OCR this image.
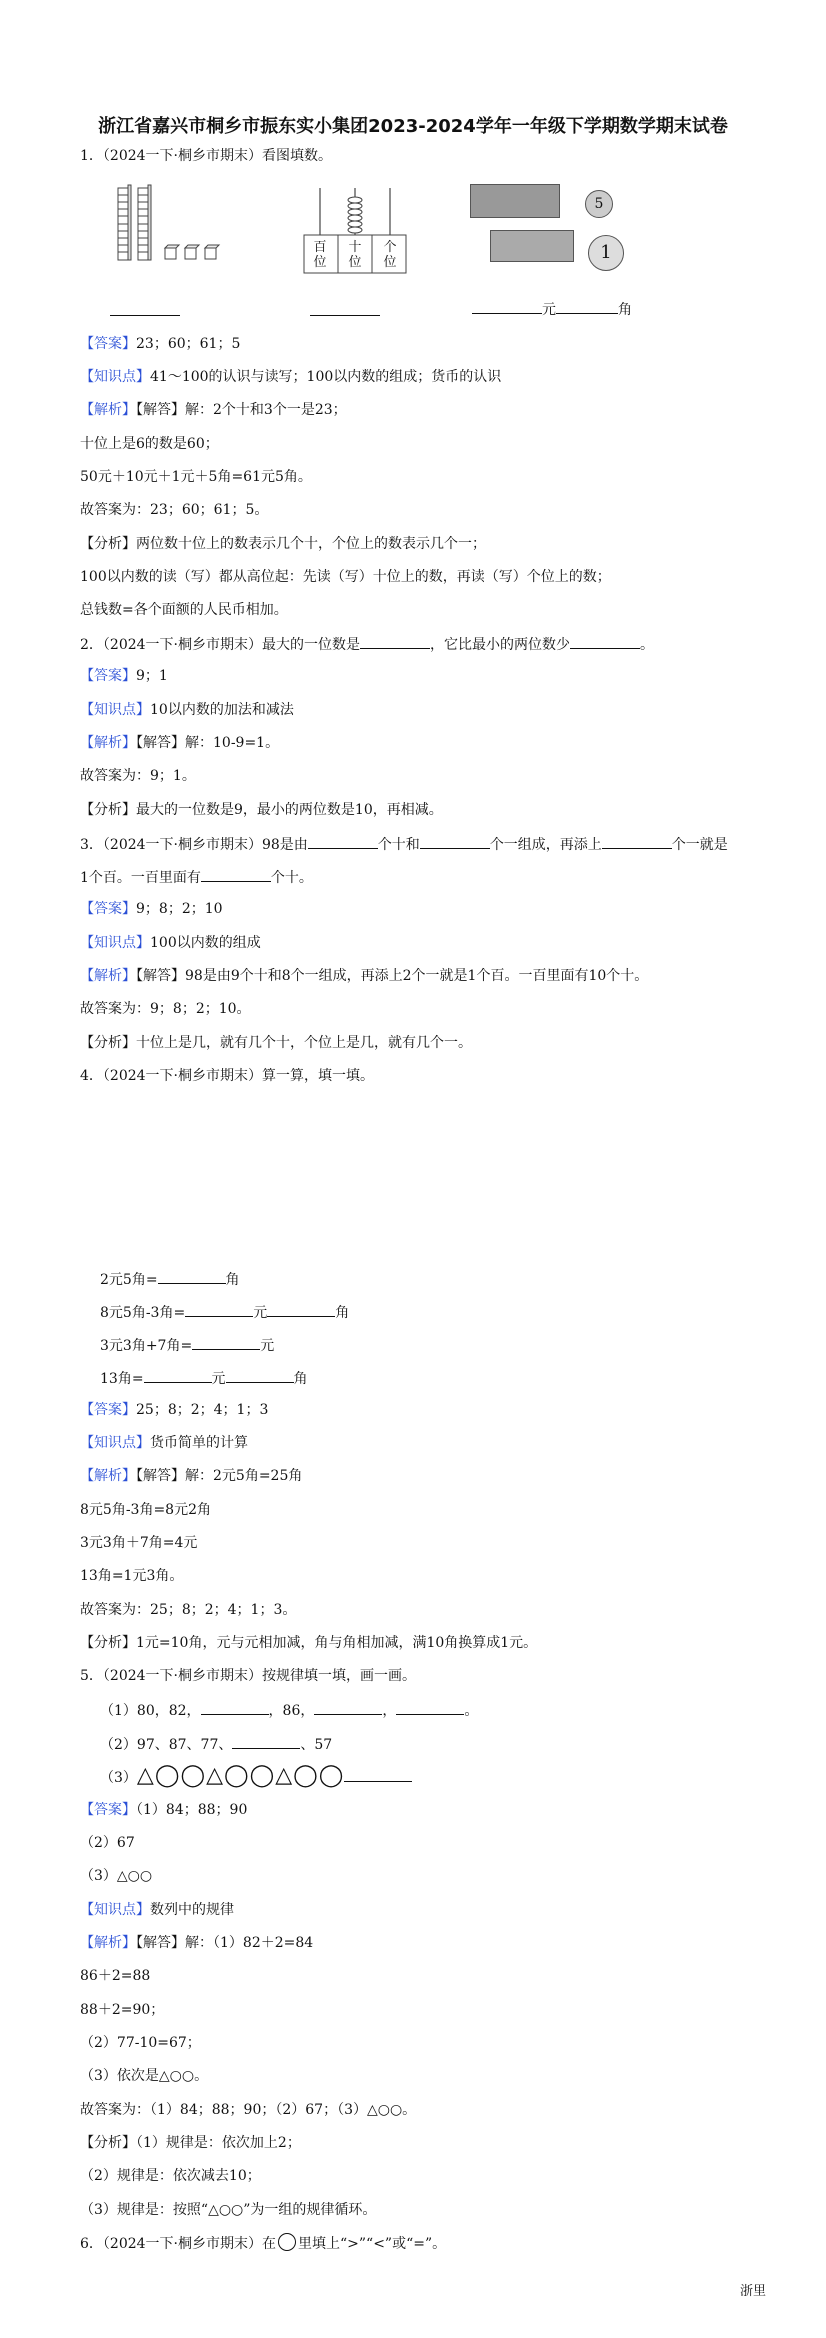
浙江省嘉兴市桐乡市振东实小集团2023-2024学年一年级下学期数学期末试卷
1．（2024一下·桐乡市期末）看图填数。
百位
十位
个位
5
1
元	角
【答案】23；60；61；5
【知识点】41～100的认识与读写；100以内数的组成；货币的认识
【解析】【解答】解：2个十和3个一是23；
十位上是6的数是60；
50元＋10元＋1元＋5角=61元5角。
故答案为：23；60；61；5。
【分析】两位数十位上的数表示几个十，个位上的数表示几个一；
100以内数的读（写）都从高位起：先读（写）十位上的数，再读（写）个位上的数；
总钱数=各个面额的人民币相加。
2．（2024一下·桐乡市期末）最大的一位数是	，它比最小的两位数少	。
【答案】9；1
【知识点】10以内数的加法和减法
【解析】【解答】解：10-9=1。
故答案为：9；1。
【分析】最大的一位数是9，最小的两位数是10，再相减。
3．（2024一下·桐乡市期末）98是由	个十和	个一组成，再添上	个一就是
1个百。一百里面有	个十。
【答案】9；8；2；10
【知识点】100以内数的组成
【解析】【解答】98是由9个十和8个一组成，再添上2个一就是1个百。一百里面有10个十。
故答案为：9；8；2；10。
【分析】十位上是几，就有几个十，个位上是几，就有几个一。
4．（2024一下·桐乡市期末）算一算，填一填。
2元5角=	角
8元5角-3角=	元	角
3元3角+7角=	元
13角=	元	角
【答案】25；8；2；4；1；3
【知识点】货币简单的计算
【解析】【解答】解：2元5角=25角
8元5角-3角=8元2角
3元3角＋7角=4元
13角=1元3角。
故答案为：25；8；2；4；1；3。
【分析】1元=10角，元与元相加减，角与角相加减，满10角换算成1元。
5．（2024一下·桐乡市期末）按规律填一填，画一画。
（1）80，82，	，86，	，	。
（2）97、87、77、	、57
（3）△◯◯△◯◯△◯◯
【答案】（1）84；88；90
（2）67
（3）△○○
【知识点】数列中的规律
【解析】【解答】解：（1）82＋2=84
86＋2=88
88＋2=90；
（2）77-10=67；
（3）依次是△○○。
故答案为：（1）84；88；90；（2）67；（3）△○○。
【分析】（1）规律是：依次加上2；
（2）规律是：依次减去10；
（3）规律是：按照“△○○”为一组的规律循环。
6．（2024一下·桐乡市期末）在 里填上“>”“<”或“=”。
浙里
